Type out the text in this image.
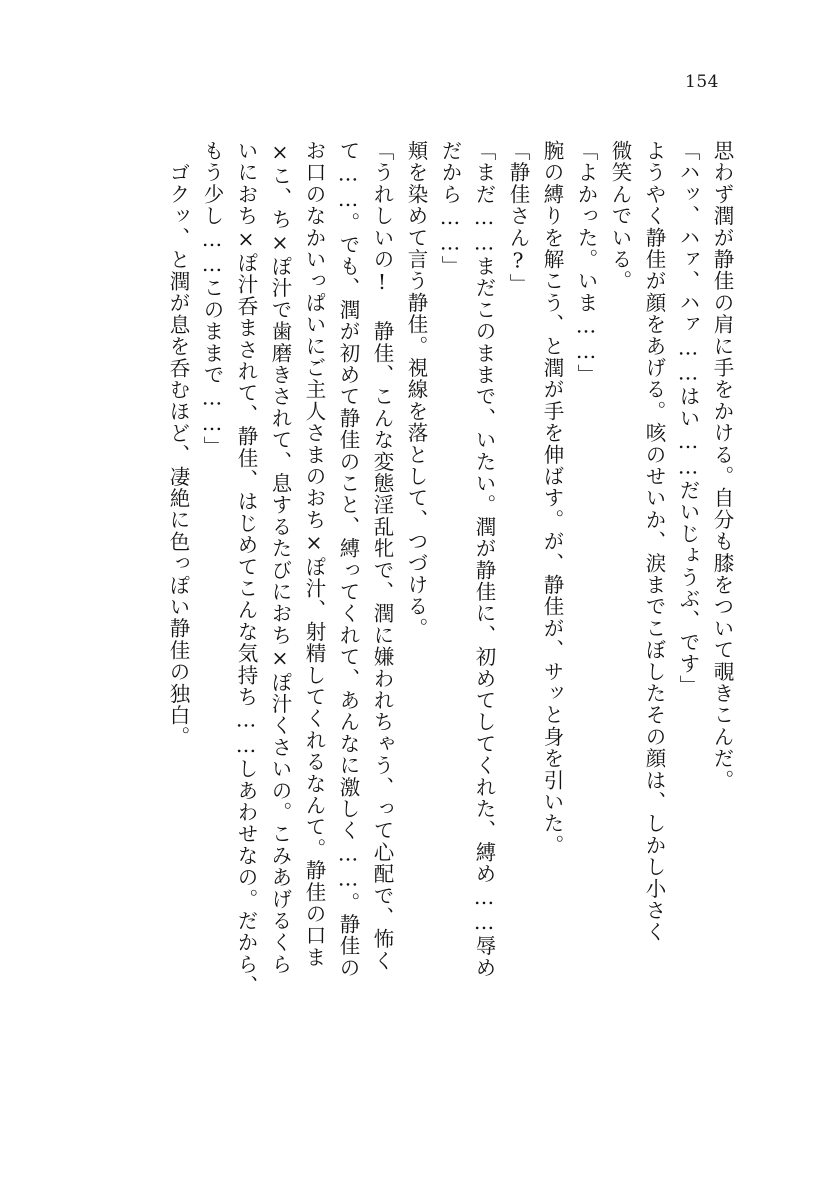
154
思わず潤が静佳の肩に手をかける。自分も膝をついて覗きこんだ。
「ハッ、ハァ、ハァ……はい……だいじょうぶ、です」
ようやく静佳が顔をあげる。咳のせいか、涙までこぼしたその顔は、しかし小さく
微笑んでいる。
「よかった。いま……」
腕の縛りを解こう、と潤が手を伸ばす。が、静佳が、サッと身を引いた。
「静佳さん?」
「まだ……まだこのままで、いたい。潤が静佳に、初めてしてくれた、縛め……辱め
だから……」
頬を染めて言う静佳。視線を落として、つづける。
「うれしいの! 静佳、こんな変態淫乱牝で、潤に嫌われちゃう、って心配で、怖く
て……。でも、潤が初めて静佳のこと、縛ってくれて、あんなに激しく……。静佳の
お口のなかいっぱいにご主人さまのおち×ぽ汁、射精してくれるなんて。静佳の口ま
×こ、ち×ぽ汁で歯磨きされて、息するたびにおち×ぽ汁くさいの。こみあげるくら
いにおち×ぽ汁呑まされて、静佳、はじめてこんな気持ち……しあわせなの。だから、
もう少し……このままで……」
ゴクッ、と潤が息を呑むほど、凄絶に色っぽい静佳の独白。
